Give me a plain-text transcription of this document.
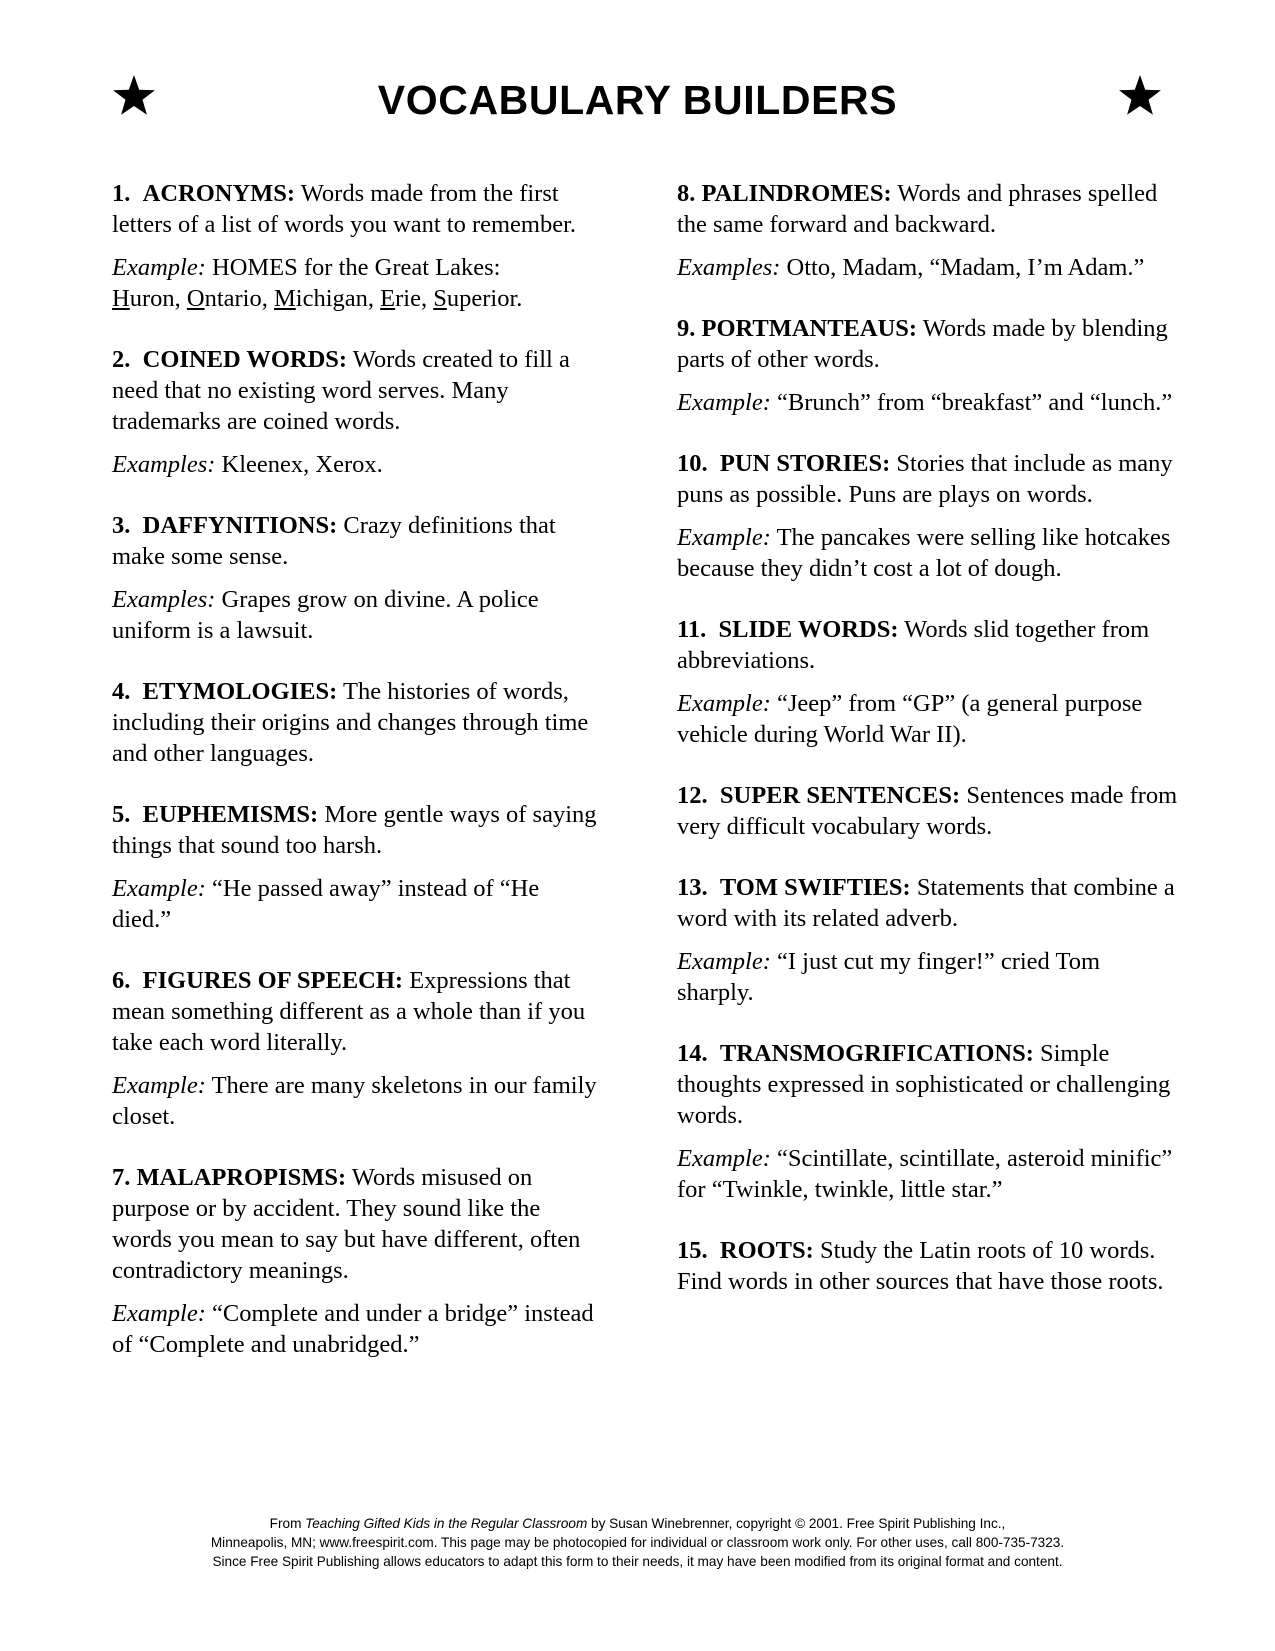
VOCABULARY BUILDERS

1. ACRONYMS: Words made from the first letters of a list of words you want to remember.

Example: HOMES for the Great Lakes:
Huron, Ontario, Michigan, Erie, Superior.

2. COINED WORDS: Words created to fill a need that no existing word serves. Many trademarks are coined words.

Examples: Kleenex, Xerox.

3. DAFFYNITIONS: Crazy definitions that make some sense.

Examples: Grapes grow on divine. A police uniform is a lawsuit.

4. ETYMOLOGIES: The histories of words, including their origins and changes through time and other languages.

5. EUPHEMISMS: More gentle ways of saying things that sound too harsh.

Example: “He passed away” instead of “He died.”

6. FIGURES OF SPEECH: Expressions that mean something different as a whole than if you take each word literally.

Example: There are many skeletons in our family closet.

7. MALAPROPISMS: Words misused on purpose or by accident. They sound like the words you mean to say but have different, often contradictory meanings.

Example: “Complete and under a bridge” instead of “Complete and unabridged.”

8. PALINDROMES: Words and phrases spelled the same forward and backward.

Examples: Otto, Madam, “Madam, I’m Adam.”

9. PORTMANTEAUS: Words made by blending parts of other words.

Example: “Brunch” from “breakfast” and “lunch.”

10. PUN STORIES: Stories that include as many puns as possible. Puns are plays on words.

Example: The pancakes were selling like hotcakes because they didn’t cost a lot of dough.

11. SLIDE WORDS: Words slid together from abbreviations.

Example: “Jeep” from “GP” (a general purpose vehicle during World War II).

12. SUPER SENTENCES: Sentences made from very difficult vocabulary words.

13. TOM SWIFTIES: Statements that combine a word with its related adverb.

Example: “I just cut my finger!” cried Tom sharply.

14. TRANSMOGRIFICATIONS: Simple thoughts expressed in sophisticated or challenging words.

Example: “Scintillate, scintillate, asteroid minific” for “Twinkle, twinkle, little star.”

15. ROOTS: Study the Latin roots of 10 words. Find words in other sources that have those roots.

From Teaching Gifted Kids in the Regular Classroom by Susan Winebrenner, copyright © 2001. Free Spirit Publishing Inc.,
Minneapolis, MN; www.freespirit.com. This page may be photocopied for individual or classroom work only. For other uses, call 800-735-7323.
Since Free Spirit Publishing allows educators to adapt this form to their needs, it may have been modified from its original format and content.
